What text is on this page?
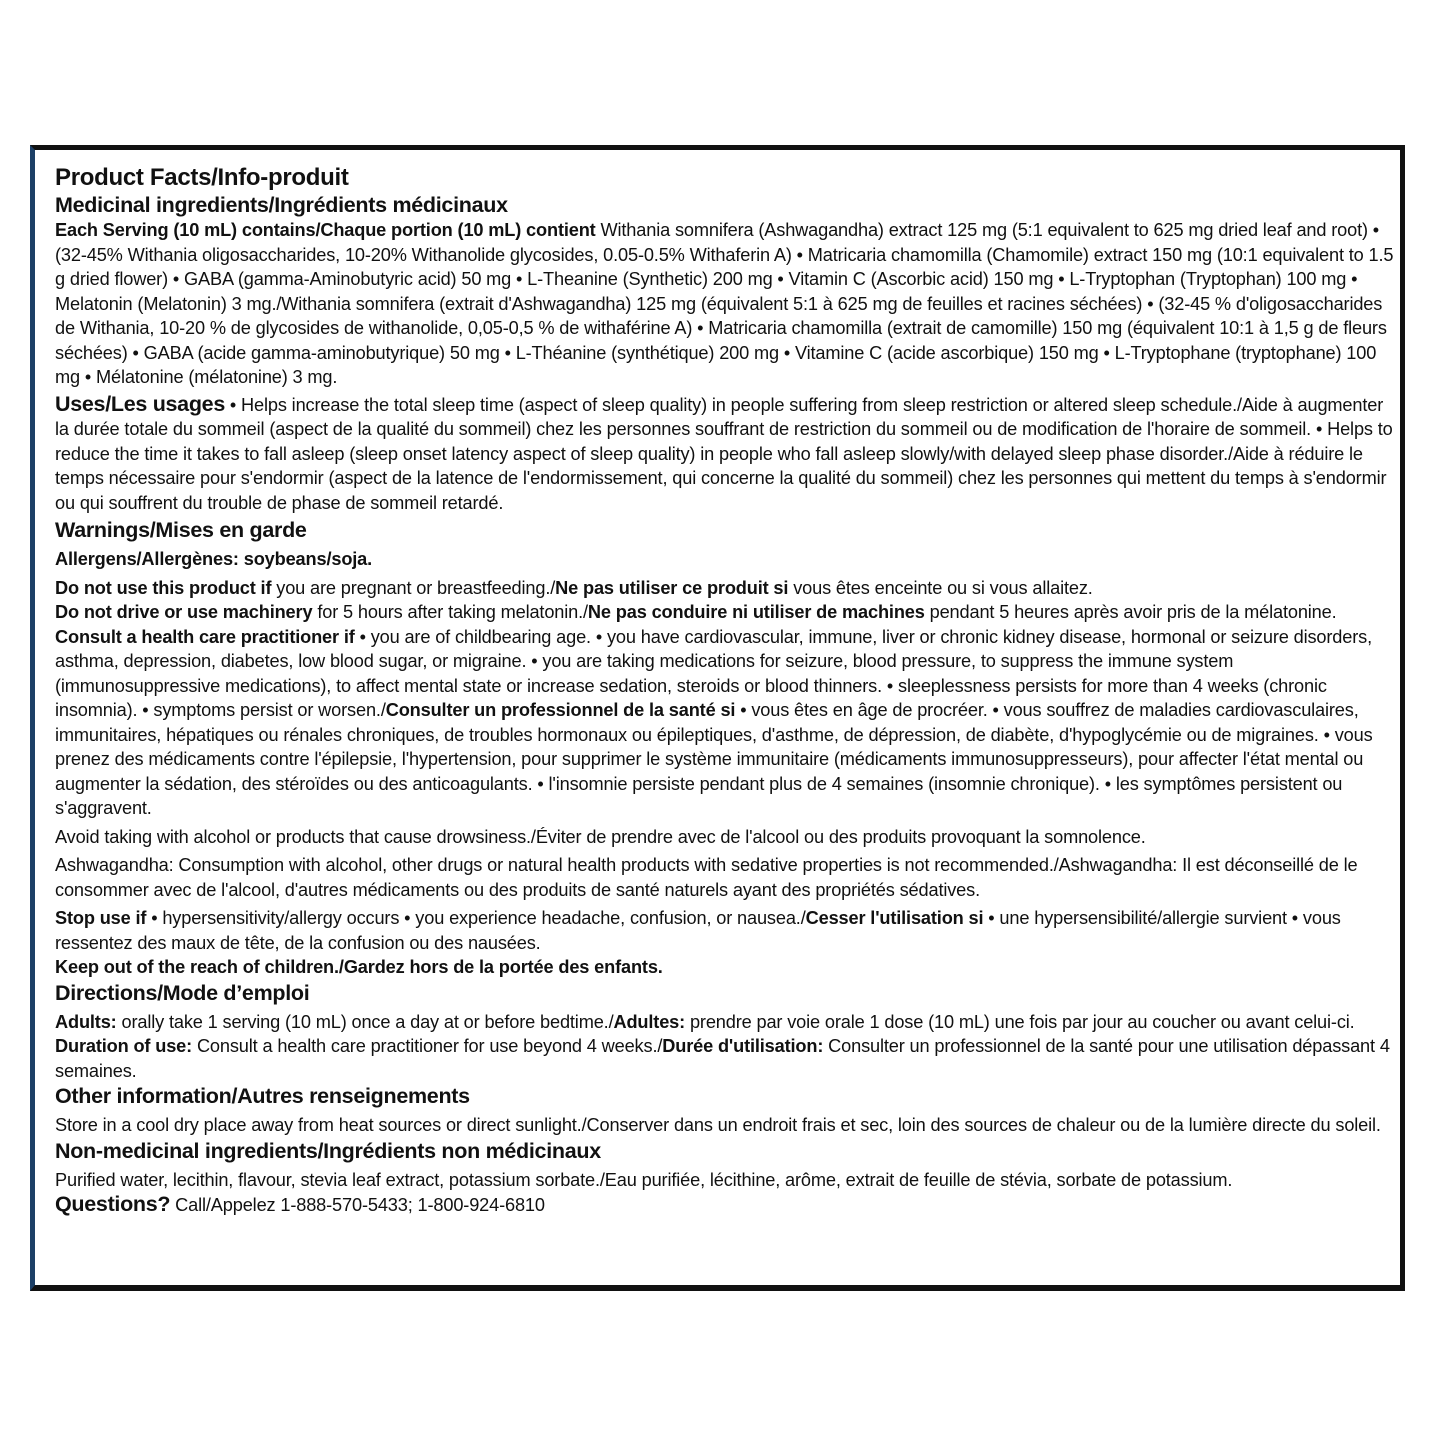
Product Facts/Info-produit
Medicinal ingredients/Ingrédients médicinaux

Each Serving (10 mL) contains/Chaque portion (10 mL) contient Withania somnifera (Ashwagandha) extract 125 mg (5:1 equivalent to 625 mg dried leaf and root) • (32-45% Withania oligosaccharides, 10-20% Withanolide glycosides, 0.05-0.5% Withaferin A) • Matricaria chamomilla (Chamomile) extract 150 mg (10:1 equivalent to 1.5 g dried flower) • GABA (gamma-Aminobutyric acid) 50 mg • L-Theanine (Synthetic) 200 mg • Vitamin C (Ascorbic acid) 150 mg • L-Tryptophan (Tryptophan) 100 mg • Melatonin (Melatonin) 3 mg./Withania somnifera (extrait d'Ashwagandha) 125 mg (équivalent 5:1 à 625 mg de feuilles et racines séchées) • (32-45 % d'oligosaccharides de Withania, 10-20 % de glycosides de withanolide, 0,05-0,5 % de withaférine A) • Matricaria chamomilla (extrait de camomille) 150 mg (équivalent 10:1 à 1,5 g de fleurs séchées) • GABA (acide gamma-aminobutyrique) 50 mg • L-Théanine (synthétique) 200 mg • Vitamine C (acide ascorbique) 150 mg • L-Tryptophane (tryptophane) 100 mg • Mélatonine (mélatonine) 3 mg.

Uses/Les usages • Helps increase the total sleep time (aspect of sleep quality) in people suffering from sleep restriction or altered sleep schedule./Aide à augmenter la durée totale du sommeil (aspect de la qualité du sommeil) chez les personnes souffrant de restriction du sommeil ou de modification de l'horaire de sommeil. • Helps to reduce the time it takes to fall asleep (sleep onset latency aspect of sleep quality) in people who fall asleep slowly/with delayed sleep phase disorder./Aide à réduire le temps nécessaire pour s'endormir (aspect de la latence de l'endormissement, qui concerne la qualité du sommeil) chez les personnes qui mettent du temps à s'endormir ou qui souffrent du trouble de phase de sommeil retardé.

Warnings/Mises en garde

Allergens/Allergènes: soybeans/soja.

Do not use this product if you are pregnant or breastfeeding./Ne pas utiliser ce produit si vous êtes enceinte ou si vous allaitez.

Do not drive or use machinery for 5 hours after taking melatonin./Ne pas conduire ni utiliser de machines pendant 5 heures après avoir pris de la mélatonine.

Consult a health care practitioner if • you are of childbearing age. • you have cardiovascular, immune, liver or chronic kidney disease, hormonal or seizure disorders, asthma, depression, diabetes, low blood sugar, or migraine. • you are taking medications for seizure, blood pressure, to suppress the immune system (immunosuppressive medications), to affect mental state or increase sedation, steroids or blood thinners. • sleeplessness persists for more than 4 weeks (chronic insomnia). • symptoms persist or worsen./Consulter un professionnel de la santé si • vous êtes en âge de procréer. • vous souffrez de maladies cardiovasculaires, immunitaires, hépatiques ou rénales chroniques, de troubles hormonaux ou épileptiques, d'asthme, de dépression, de diabète, d'hypoglycémie ou de migraines. • vous prenez des médicaments contre l'épilepsie, l'hypertension, pour supprimer le système immunitaire (médicaments immunosuppresseurs), pour affecter l'état mental ou augmenter la sédation, des stéroïdes ou des anticoagulants. • l'insomnie persiste pendant plus de 4 semaines (insomnie chronique). • les symptômes persistent ou s'aggravent.

Avoid taking with alcohol or products that cause drowsiness./Éviter de prendre avec de l'alcool ou des produits provoquant la somnolence.

Ashwagandha: Consumption with alcohol, other drugs or natural health products with sedative properties is not recommended./Ashwagandha: Il est déconseillé de le consommer avec de l'alcool, d'autres médicaments ou des produits de santé naturels ayant des propriétés sédatives.

Stop use if • hypersensitivity/allergy occurs • you experience headache, confusion, or nausea./Cesser l'utilisation si • une hypersensibilité/allergie survient • vous ressentez des maux de tête, de la confusion ou des nausées.

Keep out of the reach of children./Gardez hors de la portée des enfants.

Directions/Mode d’emploi

Adults: orally take 1 serving (10 mL) once a day at or before bedtime./Adultes: prendre par voie orale 1 dose (10 mL) une fois par jour au coucher ou avant celui-ci.

Duration of use: Consult a health care practitioner for use beyond 4 weeks./Durée d'utilisation: Consulter un professionnel de la santé pour une utilisation dépassant 4 semaines.

Other information/Autres renseignements

Store in a cool dry place away from heat sources or direct sunlight./Conserver dans un endroit frais et sec, loin des sources de chaleur ou de la lumière directe du soleil.

Non-medicinal ingredients/Ingrédients non médicinaux

Purified water, lecithin, flavour, stevia leaf extract, potassium sorbate./Eau purifiée, lécithine, arôme, extrait de feuille de stévia, sorbate de potassium.

Questions? Call/Appelez 1-888-570-5433; 1-800-924-6810
